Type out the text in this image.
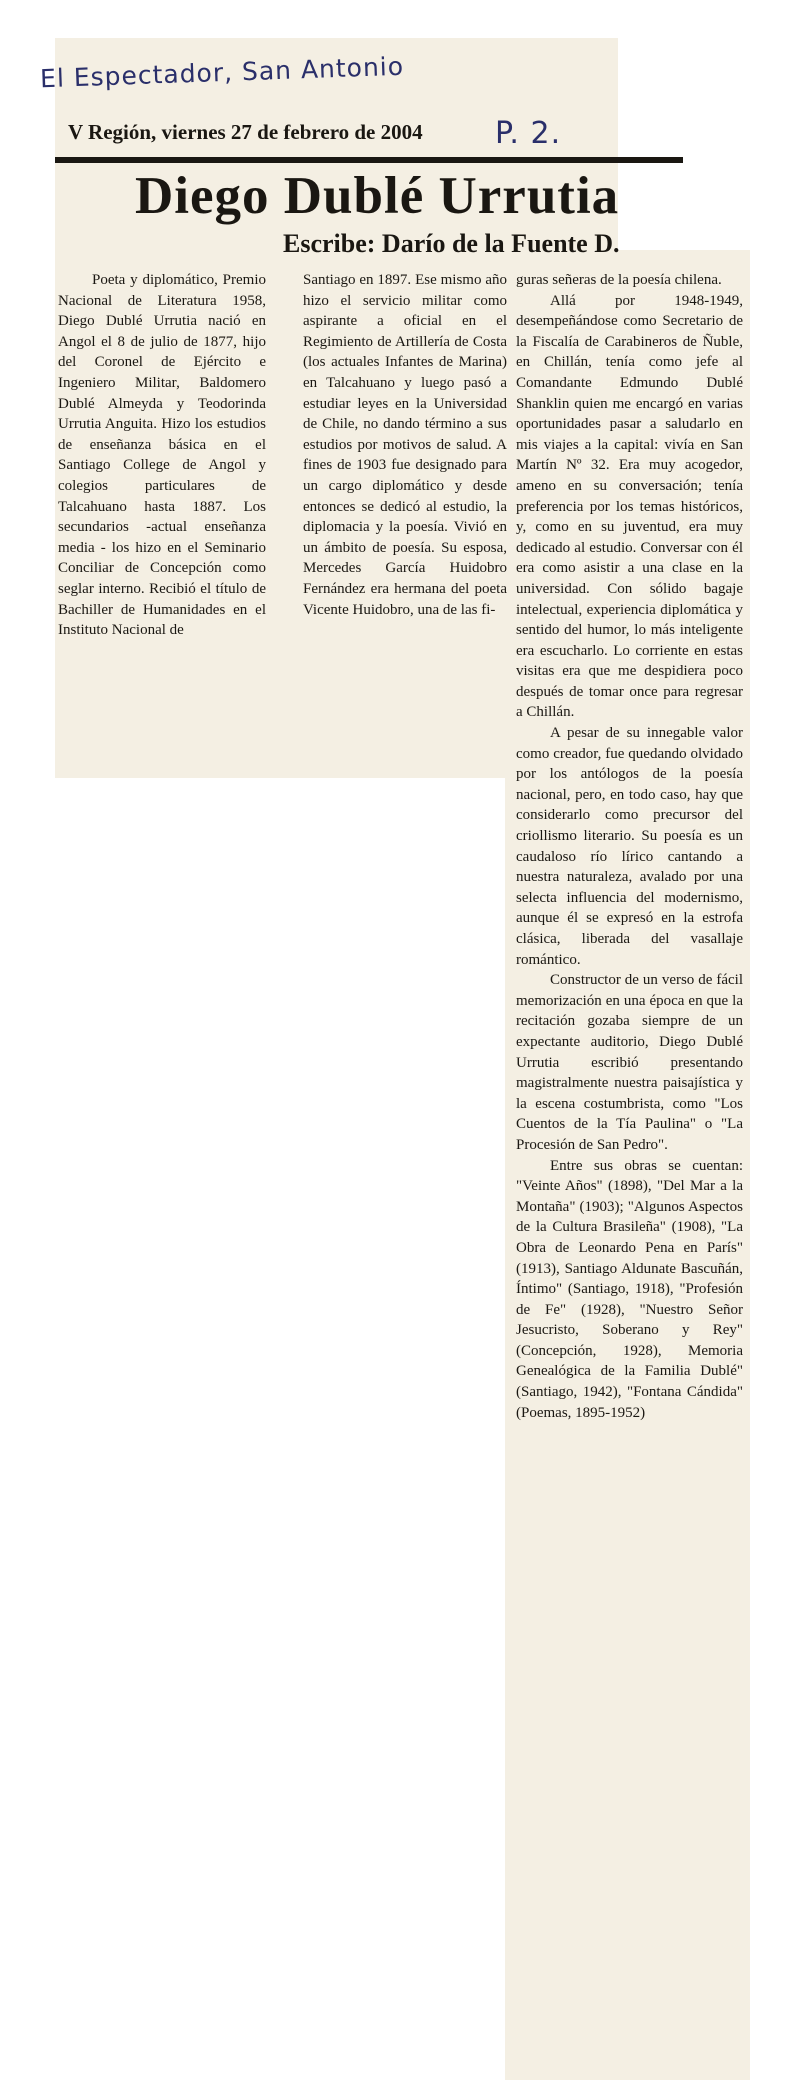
El Espectador, San Antonio
P. 2.
V Región, viernes 27 de febrero de 2004
Diego Dublé Urrutia
Escribe: Darío de la Fuente D.

Poeta y diplomático, Premio Nacional de Literatura 1958, Diego Dublé Urrutia nació en Angol el 8 de julio de 1877, hijo del Coronel de Ejército e Ingeniero Militar, Baldomero Dublé Almeyda y Teodorinda Urrutia Anguita. Hizo los estudios de enseñanza básica en el Santiago College de Angol y colegios particulares de Talcahuano hasta 1887. Los secundarios -actual enseñanza media - los hizo en el Seminario Conciliar de Concepción como seglar interno. Recibió el título de Bachiller de Humanidades en el Instituto Nacional de

Santiago en 1897. Ese mismo año hizo el servicio militar como aspirante a oficial en el Regimiento de Artillería de Costa (los actuales Infantes de Marina) en Talcahuano y luego pasó a estudiar leyes en la Universidad de Chile, no dando término a sus estudios por motivos de salud. A fines de 1903 fue designado para un cargo diplomático y desde entonces se dedicó al estudio, la diplomacia y la poesía. Vivió en un ámbito de poesía. Su esposa, Mercedes García Huidobro Fernández era hermana del poeta Vicente Huidobro, una de las fi-

guras señeras de la poesía chilena.

Allá por 1948-1949, desempeñándose como Secretario de la Fiscalía de Carabineros de Ñuble, en Chillán, tenía como jefe al Comandante Edmundo Dublé Shanklin quien me encargó en varias oportunidades pasar a saludarlo en mis viajes a la capital: vivía en San Martín Nº 32. Era muy acogedor, ameno en su conversación; tenía preferencia por los temas históricos, y, como en su juventud, era muy dedicado al estudio. Conversar con él era como asistir a una clase en la universidad. Con sólido bagaje intelectual, experiencia diplomática y sentido del humor, lo más inteligente era escucharlo. Lo corriente en estas visitas era que me despidiera poco después de tomar once para regresar a Chillán.

A pesar de su innegable valor como creador, fue quedando olvidado por los antólogos de la poesía nacional, pero, en todo caso, hay que considerarlo como precursor del criollismo literario. Su poesía es un caudaloso río lírico cantando a nuestra naturaleza, avalado por una selecta influencia del modernismo, aunque él se expresó en la estrofa clásica, liberada del vasallaje romántico.

Constructor de un verso de fácil memorización en una época en que la recitación gozaba siempre de un expectante auditorio, Diego Dublé Urrutia escribió presentando magistralmente nuestra paisajística y la escena costumbrista, como "Los Cuentos de la Tía Paulina" o "La Procesión de San Pedro".

Entre sus obras se cuentan: "Veinte Años" (1898), "Del Mar a la Montaña" (1903); "Algunos Aspectos de la Cultura Brasileña" (1908), "La Obra de Leonardo Pena en París" (1913), Santiago Aldunate Bascuñán, Íntimo" (Santiago, 1918), "Profesión de Fe" (1928), "Nuestro Señor Jesucristo, Soberano y Rey" (Concepción, 1928), Memoria Genealógica de la Familia Dublé" (Santiago, 1942), "Fontana Cándida" (Poemas, 1895-1952)
